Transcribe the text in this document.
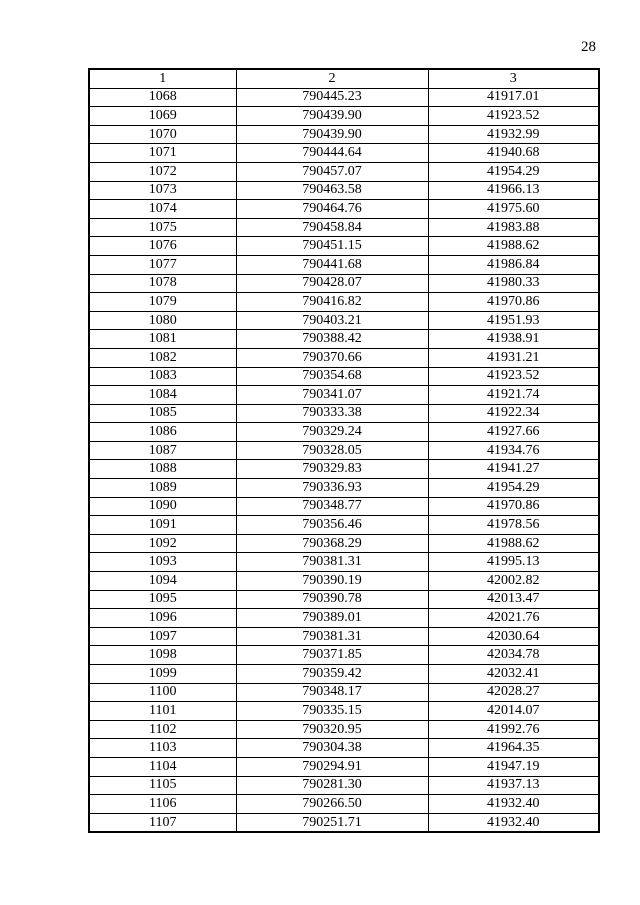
28
1	2	3
1068	790445.23	41917.01
1069	790439.90	41923.52
1070	790439.90	41932.99
1071	790444.64	41940.68
1072	790457.07	41954.29
1073	790463.58	41966.13
1074	790464.76	41975.60
1075	790458.84	41983.88
1076	790451.15	41988.62
1077	790441.68	41986.84
1078	790428.07	41980.33
1079	790416.82	41970.86
1080	790403.21	41951.93
1081	790388.42	41938.91
1082	790370.66	41931.21
1083	790354.68	41923.52
1084	790341.07	41921.74
1085	790333.38	41922.34
1086	790329.24	41927.66
1087	790328.05	41934.76
1088	790329.83	41941.27
1089	790336.93	41954.29
1090	790348.77	41970.86
1091	790356.46	41978.56
1092	790368.29	41988.62
1093	790381.31	41995.13
1094	790390.19	42002.82
1095	790390.78	42013.47
1096	790389.01	42021.76
1097	790381.31	42030.64
1098	790371.85	42034.78
1099	790359.42	42032.41
1100	790348.17	42028.27
1101	790335.15	42014.07
1102	790320.95	41992.76
1103	790304.38	41964.35
1104	790294.91	41947.19
1105	790281.30	41937.13
1106	790266.50	41932.40
1107	790251.71	41932.40
